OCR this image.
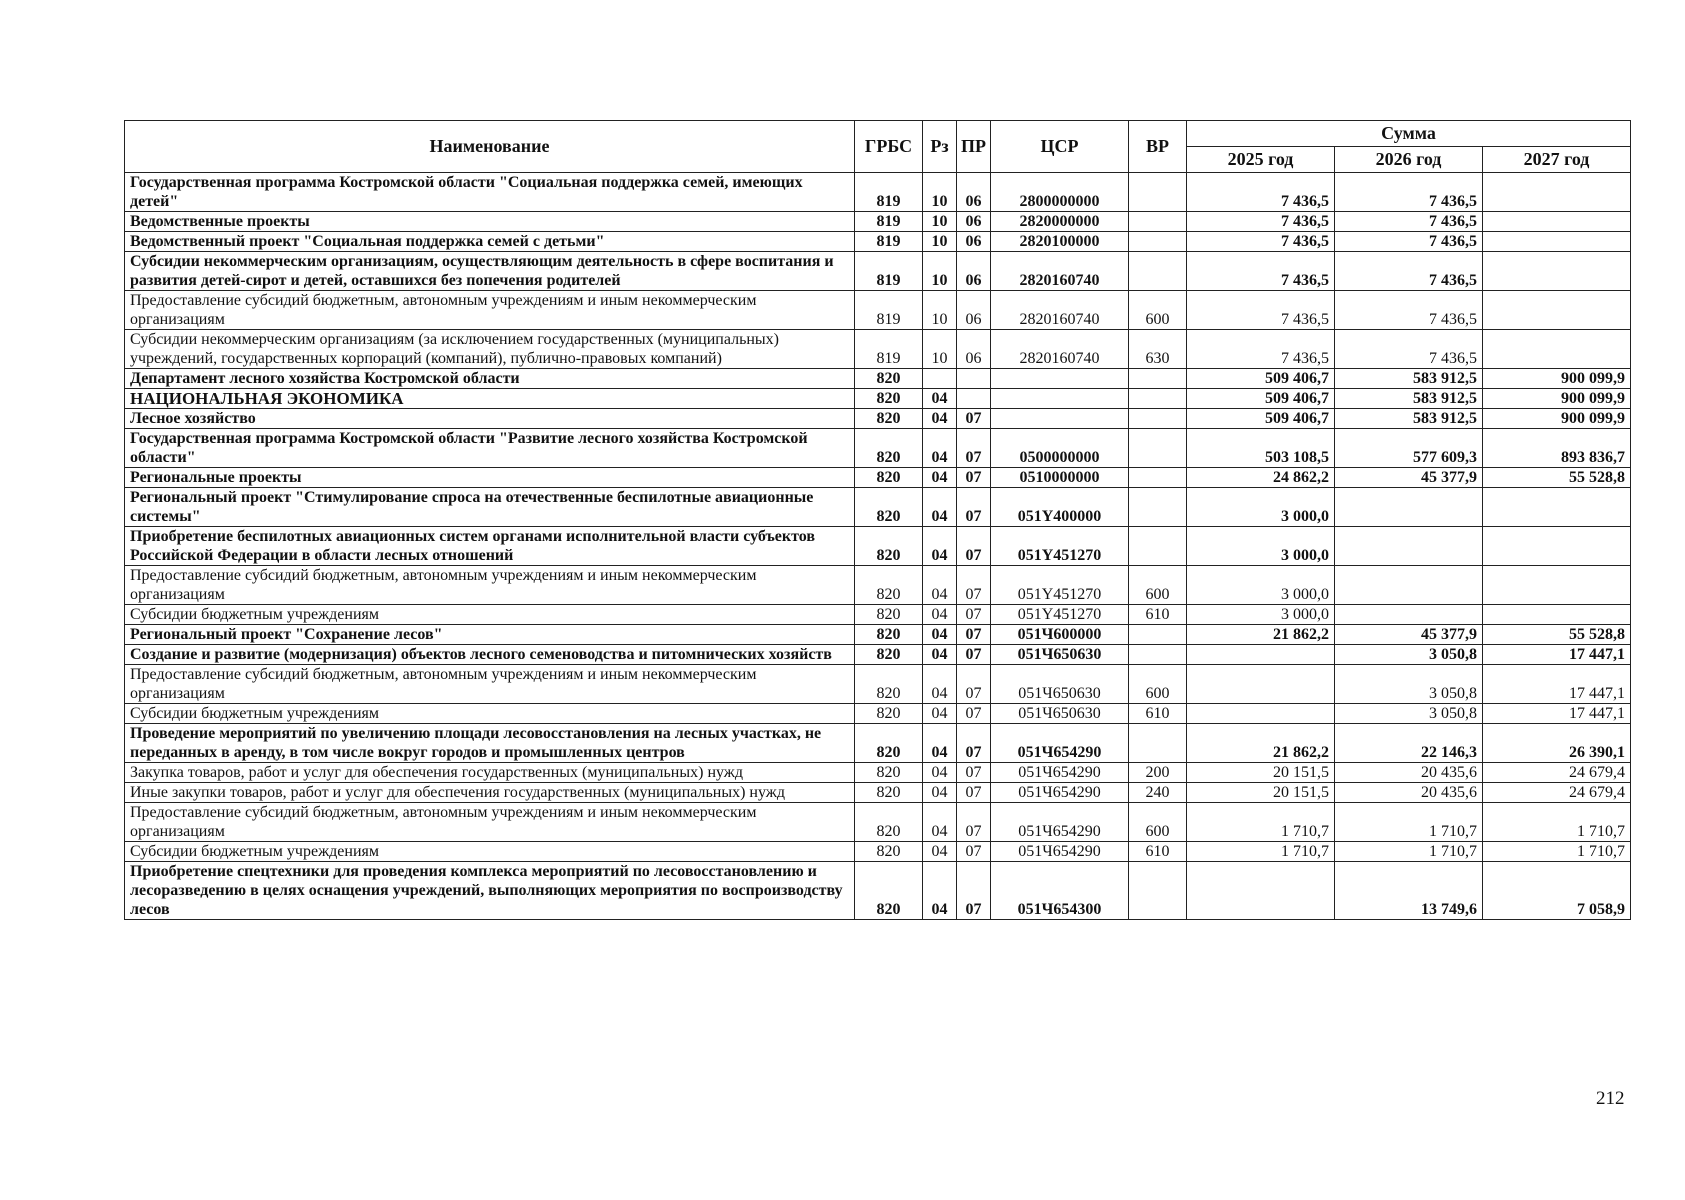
Наименование	ГРБС	Рз	ПР	ЦСР	ВР	Сумма		
						2025 год	2026 год	2027 год
Государственная программа Костромской области "Социальная поддержка семей, имеющих детей"	819	10	06	2800000000		7 436,5	7 436,5	
Ведомственные проекты	819	10	06	2820000000		7 436,5	7 436,5	
Ведомственный проект "Социальная поддержка семей с детьми"	819	10	06	2820100000		7 436,5	7 436,5	
Субсидии некоммерческим организациям, осуществляющим деятельность в сфере воспитания и развития детей-сирот и детей, оставшихся без попечения родителей	819	10	06	2820160740		7 436,5	7 436,5	
Предоставление субсидий бюджетным, автономным учреждениям и иным некоммерческим организациям	819	10	06	2820160740	600	7 436,5	7 436,5	
Субсидии некоммерческим организациям (за исключением государственных (муниципальных) учреждений, государственных корпораций (компаний), публично-правовых компаний)	819	10	06	2820160740	630	7 436,5	7 436,5	
Департамент лесного хозяйства Костромской области	820					509 406,7	583 912,5	900 099,9
НАЦИОНАЛЬНАЯ ЭКОНОМИКА	820	04				509 406,7	583 912,5	900 099,9
Лесное хозяйство	820	04	07			509 406,7	583 912,5	900 099,9
Государственная программа Костромской области "Развитие лесного хозяйства Костромской области"	820	04	07	0500000000		503 108,5	577 609,3	893 836,7
Региональные проекты	820	04	07	0510000000		24 862,2	45 377,9	55 528,8
Региональный проект "Стимулирование спроса на отечественные беспилотные авиационные системы"	820	04	07	051Y400000		3 000,0		
Приобретение беспилотных авиационных систем органами исполнительной власти субъектов Российской Федерации в области лесных отношений	820	04	07	051Y451270		3 000,0		
Предоставление субсидий бюджетным, автономным учреждениям и иным некоммерческим организациям	820	04	07	051Y451270	600	3 000,0		
Субсидии бюджетным учреждениям	820	04	07	051Y451270	610	3 000,0		
Региональный проект "Сохранение лесов"	820	04	07	051Ч600000		21 862,2	45 377,9	55 528,8
Создание и развитие (модернизация) объектов лесного семеноводства и питомнических хозяйств	820	04	07	051Ч650630			3 050,8	17 447,1
Предоставление субсидий бюджетным, автономным учреждениям и иным некоммерческим организациям	820	04	07	051Ч650630	600		3 050,8	17 447,1
Субсидии бюджетным учреждениям	820	04	07	051Ч650630	610		3 050,8	17 447,1
Проведение мероприятий по увеличению площади лесовосстановления на лесных участках, не переданных в аренду, в том числе вокруг городов и промышленных центров	820	04	07	051Ч654290		21 862,2	22 146,3	26 390,1
Закупка товаров, работ и услуг для обеспечения государственных (муниципальных) нужд	820	04	07	051Ч654290	200	20 151,5	20 435,6	24 679,4
Иные закупки товаров, работ и услуг для обеспечения государственных (муниципальных) нужд	820	04	07	051Ч654290	240	20 151,5	20 435,6	24 679,4
Предоставление субсидий бюджетным, автономным учреждениям и иным некоммерческим организациям	820	04	07	051Ч654290	600	1 710,7	1 710,7	1 710,7
Субсидии бюджетным учреждениям	820	04	07	051Ч654290	610	1 710,7	1 710,7	1 710,7
Приобретение спецтехники для проведения комплекса мероприятий по лесовосстановлению и лесоразведению в целях оснащения учреждений, выполняющих мероприятия по воспроизводству лесов	820	04	07	051Ч654300			13 749,6	7 058,9
212
